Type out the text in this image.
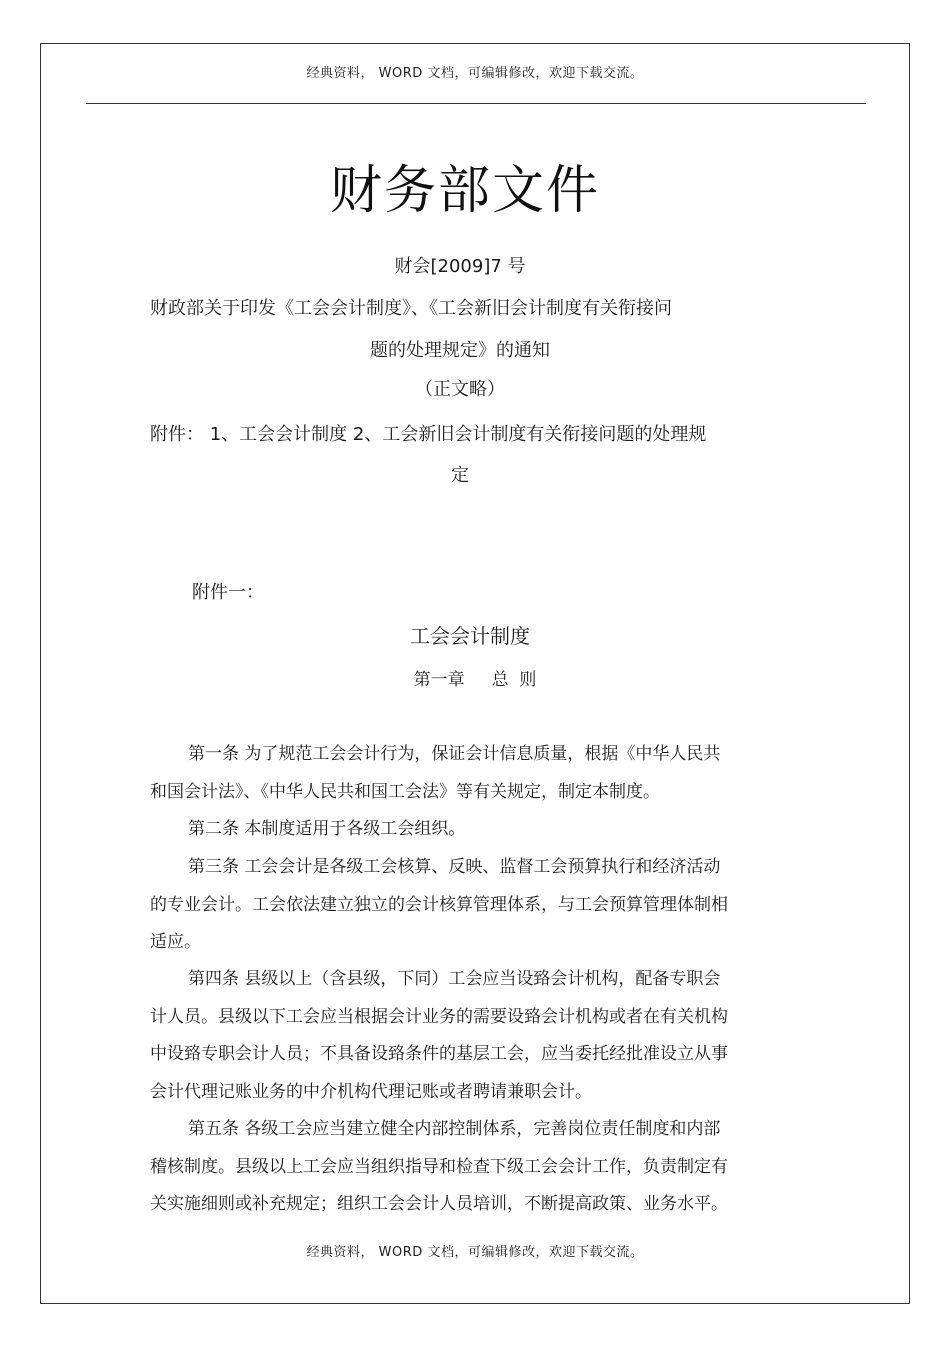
经典资料， WORD 文档，可编辑修改，欢迎下载交流。
财务部文件
财会[2009]7 号
财政部关于印发《工会会计制度》、《工会新旧会计制度有关衔接问
题的处理规定》的通知
（正文略）
附件： 1、工会会计制度 2、工会新旧会计制度有关衔接问题的处理规
定
附件一：
工会会计制度
第一章     总  则
第一条 为了规范工会会计行为，保证会计信息质量，根据《中华人民共
和国会计法》、《中华人民共和国工会法》等有关规定，制定本制度。
第二条 本制度适用于各级工会组织。
第三条 工会会计是各级工会核算、反映、监督工会预算执行和经济活动
的专业会计。工会依法建立独立的会计核算管理体系，与工会预算管理体制相
适应。
第四条 县级以上（含县级，下同）工会应当设臵会计机构，配备专职会
计人员。县级以下工会应当根据会计业务的需要设臵会计机构或者在有关机构
中设臵专职会计人员；不具备设臵条件的基层工会，应当委托经批准设立从事
会计代理记账业务的中介机构代理记账或者聘请兼职会计。
第五条 各级工会应当建立健全内部控制体系，完善岗位责任制度和内部
稽核制度。县级以上工会应当组织指导和检查下级工会会计工作，负责制定有
关实施细则或补充规定；组织工会会计人员培训，不断提高政策、业务水平。
经典资料， WORD 文档，可编辑修改，欢迎下载交流。
